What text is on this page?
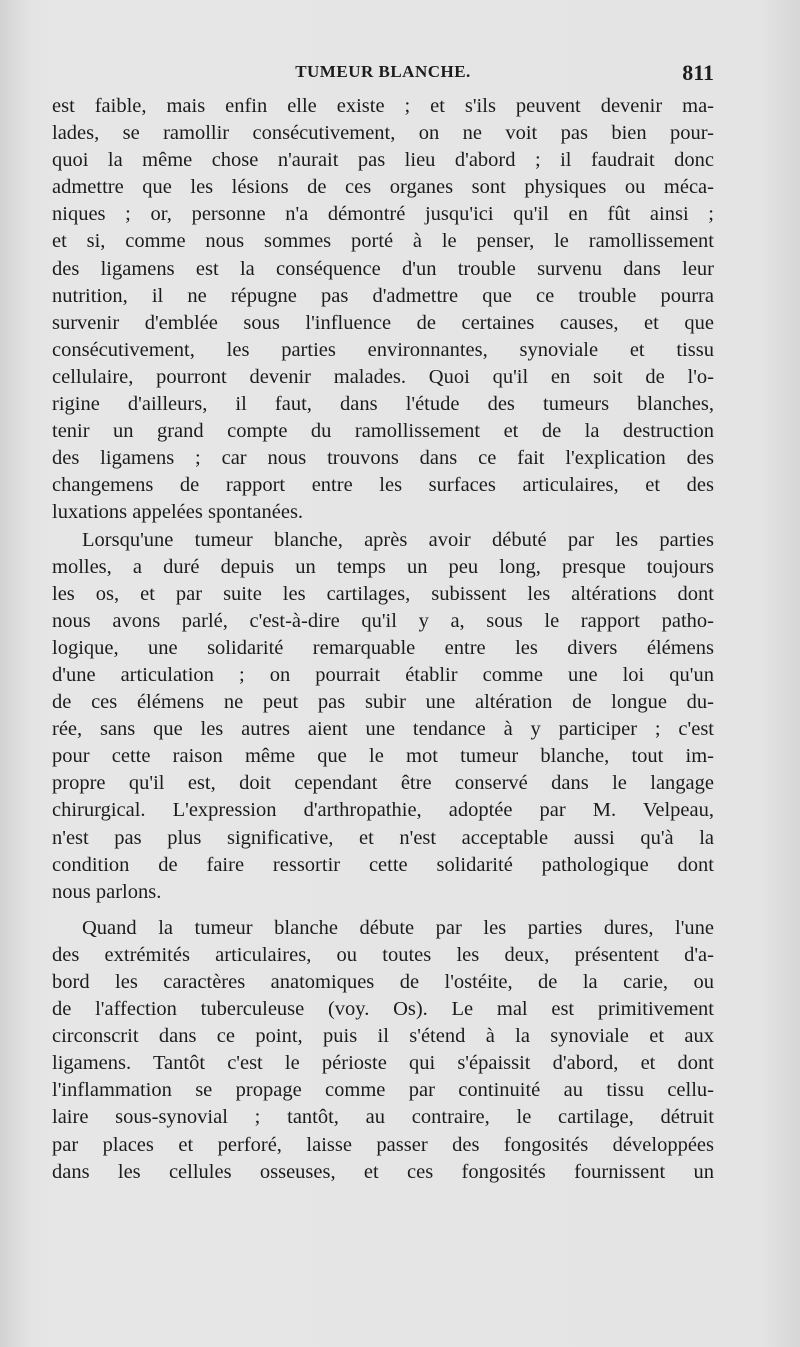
TUMEUR BLANCHE.	811
est faible, mais enfin elle existe ; et s'ils peuvent devenir ma-
lades, se ramollir consécutivement, on ne voit pas bien pour-
quoi la même chose n'aurait pas lieu d'abord ; il faudrait donc
admettre que les lésions de ces organes sont physiques ou méca-
niques ; or, personne n'a démontré jusqu'ici qu'il en fût ainsi ;
et si, comme nous sommes porté à le penser, le ramollissement
des ligamens est la conséquence d'un trouble survenu dans leur
nutrition, il ne répugne pas d'admettre que ce trouble pourra
survenir d'emblée sous l'influence de certaines causes, et que
consécutivement, les parties environnantes, synoviale et tissu
cellulaire, pourront devenir malades. Quoi qu'il en soit de l'o-
rigine d'ailleurs, il faut, dans l'étude des tumeurs blanches,
tenir un grand compte du ramollissement et de la destruction
des ligamens ; car nous trouvons dans ce fait l'explication des
changemens de rapport entre les surfaces articulaires, et des
luxations appelées spontanées.
Lorsqu'une tumeur blanche, après avoir débuté par les parties
molles, a duré depuis un temps un peu long, presque toujours
les os, et par suite les cartilages, subissent les altérations dont
nous avons parlé, c'est-à-dire qu'il y a, sous le rapport patho-
logique, une solidarité remarquable entre les divers élémens
d'une articulation ; on pourrait établir comme une loi qu'un
de ces élémens ne peut pas subir une altération de longue du-
rée, sans que les autres aient une tendance à y participer ; c'est
pour cette raison même que le mot tumeur blanche, tout im-
propre qu'il est, doit cependant être conservé dans le langage
chirurgical. L'expression d'arthropathie, adoptée par M. Velpeau,
n'est pas plus significative, et n'est acceptable aussi qu'à la
condition de faire ressortir cette solidarité pathologique dont
nous parlons.
Quand la tumeur blanche débute par les parties dures, l'une
des extrémités articulaires, ou toutes les deux, présentent d'a-
bord les caractères anatomiques de l'ostéite, de la carie, ou
de l'affection tuberculeuse (voy. Os). Le mal est primitivement
circonscrit dans ce point, puis il s'étend à la synoviale et aux
ligamens. Tantôt c'est le périoste qui s'épaissit d'abord, et dont
l'inflammation se propage comme par continuité au tissu cellu-
laire sous-synovial ; tantôt, au contraire, le cartilage, détruit
par places et perforé, laisse passer des fongosités développées
dans les cellules osseuses, et ces fongosités fournissent un
